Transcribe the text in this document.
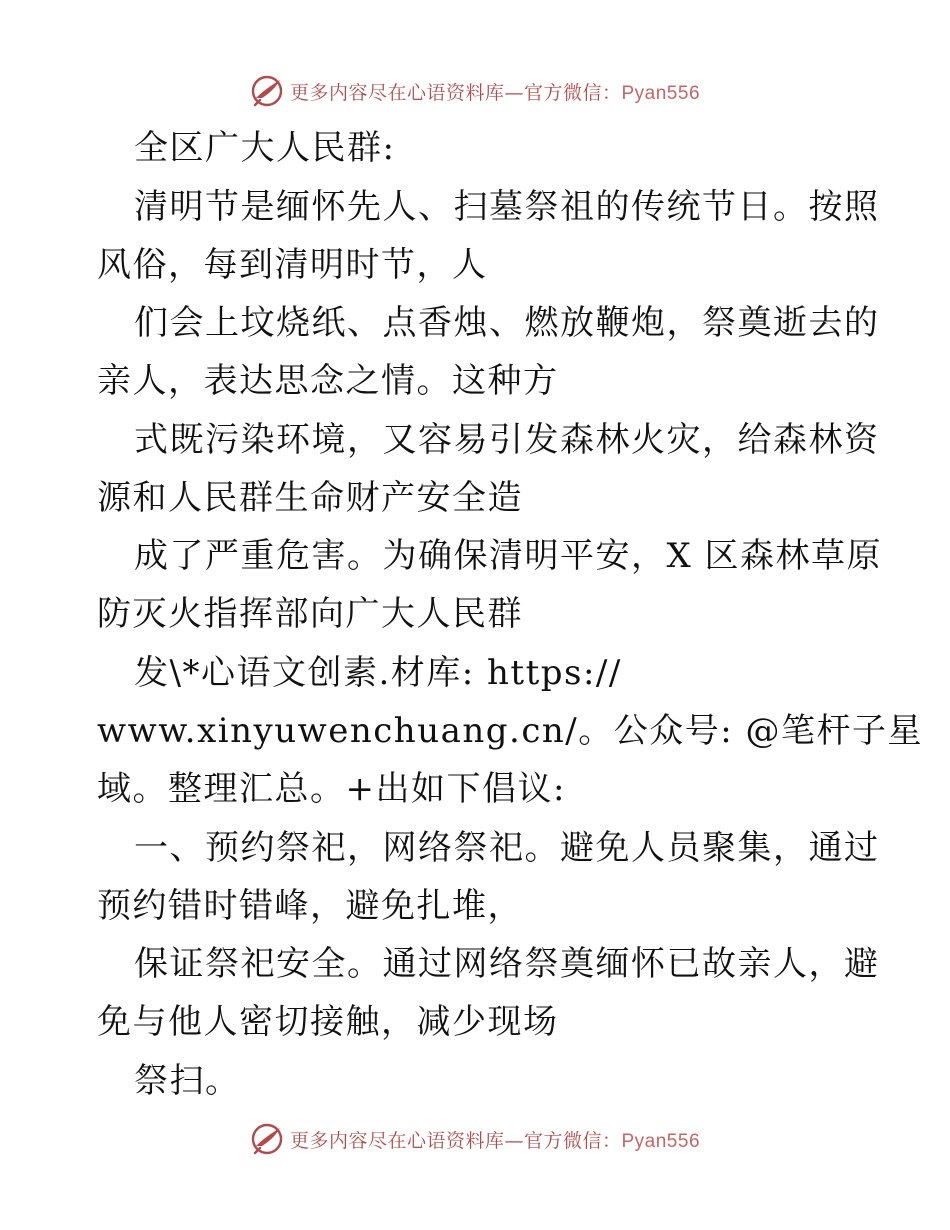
更多内容尽在心语资料库—官方微信：Pyan556
全区广大人民群:
清明节是缅怀先人、扫墓祭祖的传统节日。按照
风俗，每到清明时节，人
们会上坟烧纸、点香烛、燃放鞭炮，祭奠逝去的
亲人，表达思念之情。这种方
式既污染环境，又容易引发森林火灾，给森林资
源和人民群生命财产安全造
成了严重危害。为确保清明平安，X 区森林草原
防灭火指挥部向广大人民群
发\*心语文创素.材库: https://
www.xinyuwenchuang.cn/。公众号: @笔杆子星
域。整理汇总。+出如下倡议:
一、预约祭祀，网络祭祀。避免人员聚集，通过
预约错时错峰，避免扎堆，
保证祭祀安全。通过网络祭奠缅怀已故亲人，避
免与他人密切接触，减少现场
祭扫。
更多内容尽在心语资料库—官方微信：Pyan556
